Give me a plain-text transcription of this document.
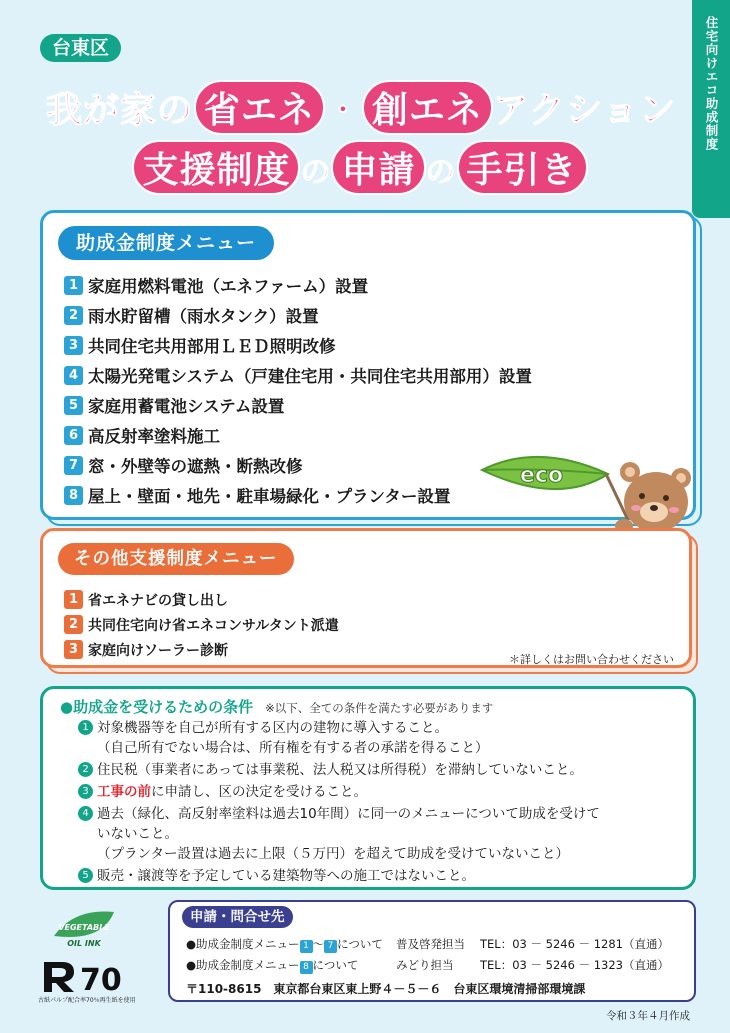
住宅向けエコ助成制度
台東区
我が家の 省エネ ・ 創エネ アクション
支援制度 の 申請 の 手引き
助成金制度メニュー
1 家庭用燃料電池（エネファーム）設置
2 雨水貯留槽（雨水タンク）設置
3 共同住宅共用部用ＬＥＤ照明改修
4 太陽光発電システム（戸建住宅用・共同住宅共用部用）設置
5 家庭用蓄電池システム設置
6 高反射率塗料施工
7 窓・外壁等の遮熱・断熱改修
8 屋上・壁面・地先・駐車場緑化・プランター設置
eco
その他支援制度メニュー
1 省エネナビの貸し出し
2 共同住宅向け省エネコンサルタント派遣
3 家庭向けソーラー診断
＊詳しくはお問い合わせください
●助成金を受けるための条件 ※以下、全ての条件を満たす必要があります
1 対象機器等を自己が所有する区内の建物に導入すること。
（自己所有でない場合は、所有権を有する者の承諾を得ること）
2 住民税（事業者にあっては事業税、法人税又は所得税）を滞納していないこと。
3 工事の前に申請し、区の決定を受けること。
4 過去（緑化、高反射率塗料は過去10年間）に同一のメニューについて助成を受けて
いないこと。
（プランター設置は過去に上限（５万円）を超えて助成を受けていないこと）
5 販売・譲渡等を予定している建築物等への施工ではないこと。
VEGETABLE
OIL INK
70
古紙パルプ配合率70％再生紙を使用
申請・問合せ先
●助成金制度メニュー 1 ～ 7 について	普及啓発担当	TEL：03 － 5246 － 1281（直通）
●助成金制度メニュー 8 について	みどり担当	TEL：03 － 5246 － 1323（直通）
〒110-8615　東京都台東区東上野４－５－６　台東区環境清掃部環境課
令和３年４月作成
